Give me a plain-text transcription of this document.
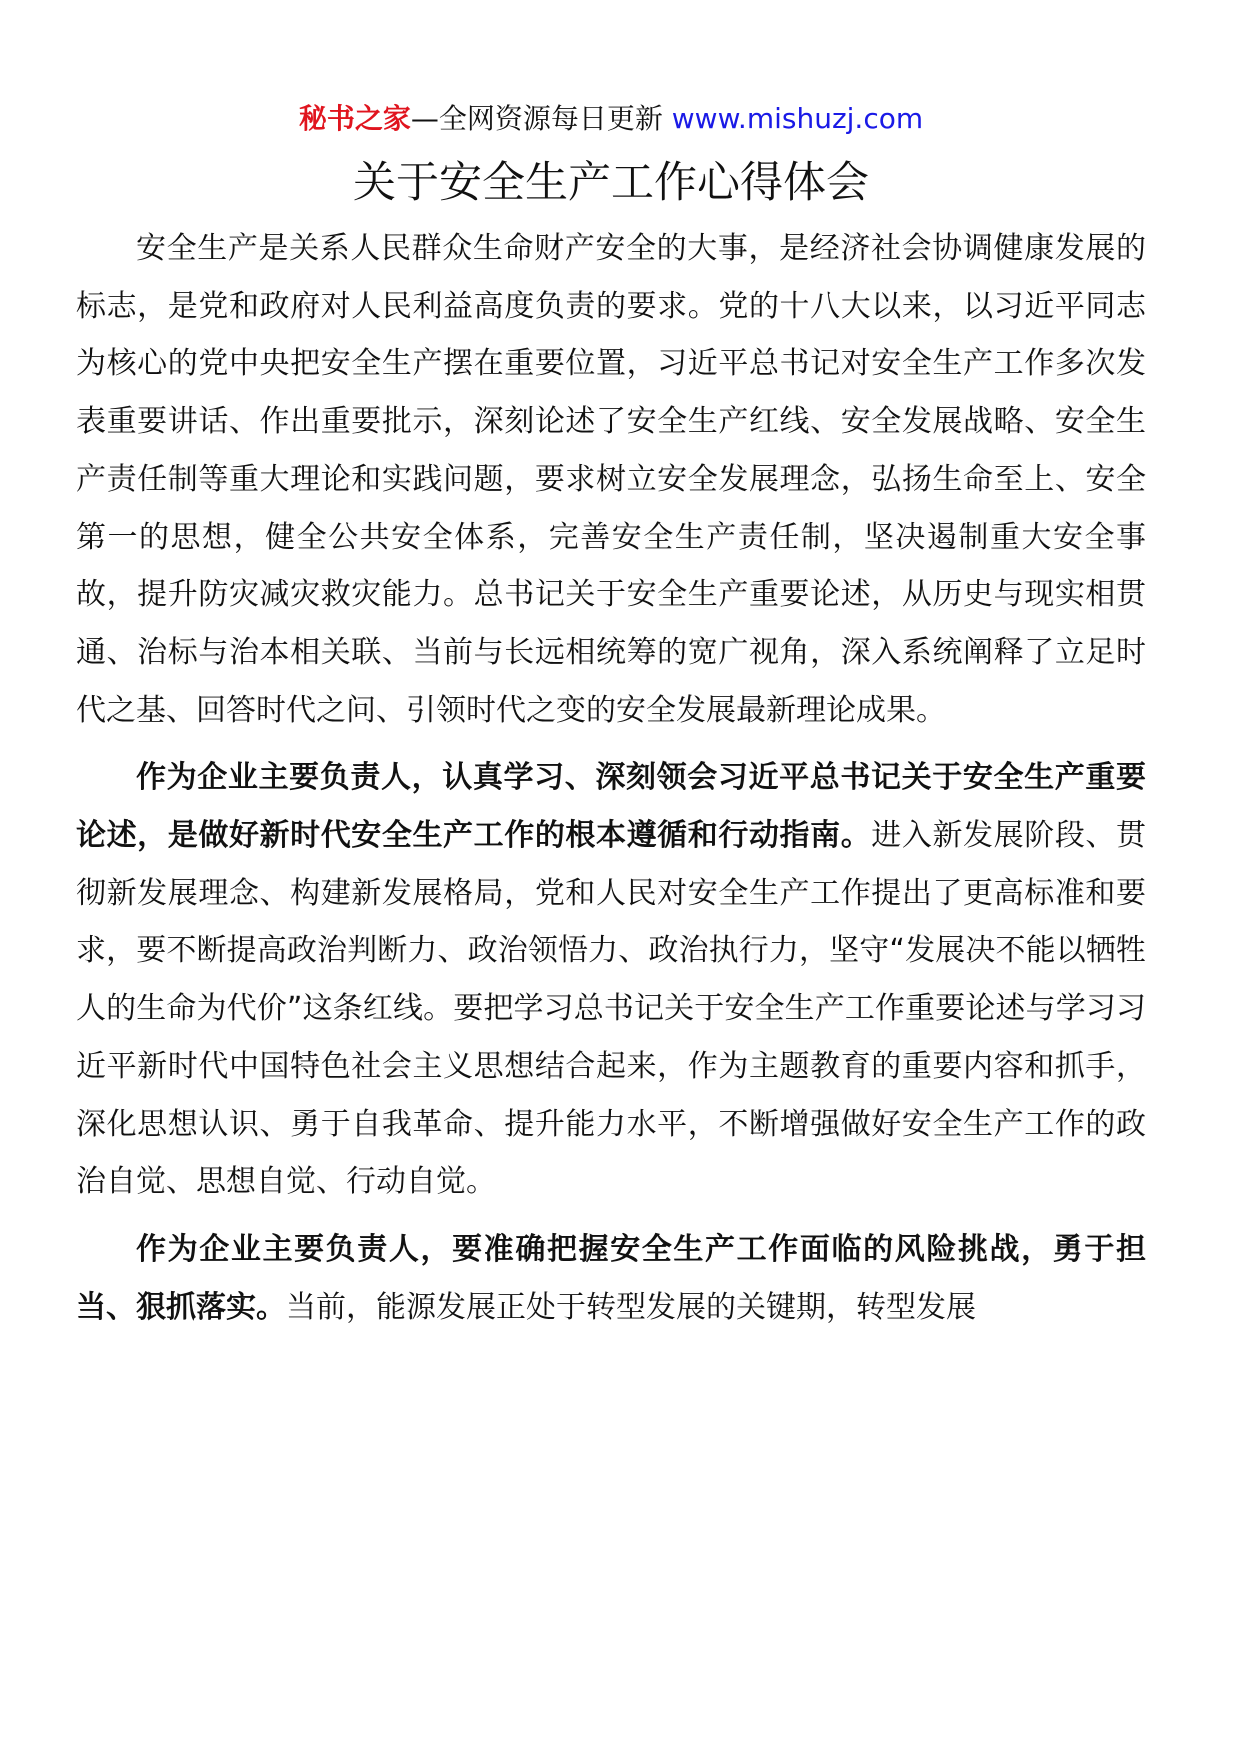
秘书之家—全网资源每日更新 www.mishuzj.com
关于安全生产工作心得体会

安全生产是关系人民群众生命财产安全的大事，是经济社会协调健康发展的标志，是党和政府对人民利益高度负责的要求。党的十八大以来，以习近平同志为核心的党中央把安全生产摆在重要位置，习近平总书记对安全生产工作多次发表重要讲话、作出重要批示，深刻论述了安全生产红线、安全发展战略、安全生产责任制等重大理论和实践问题，要求树立安全发展理念，弘扬生命至上、安全第一的思想，健全公共安全体系，完善安全生产责任制，坚决遏制重大安全事故，提升防灾减灾救灾能力。总书记关于安全生产重要论述，从历史与现实相贯通、治标与治本相关联、当前与长远相统筹的宽广视角，深入系统阐释了立足时代之基、回答时代之问、引领时代之变的安全发展最新理论成果。

作为企业主要负责人，认真学习、深刻领会习近平总书记关于安全生产重要论述，是做好新时代安全生产工作的根本遵循和行动指南。进入新发展阶段、贯彻新发展理念、构建新发展格局，党和人民对安全生产工作提出了更高标准和要求，要不断提高政治判断力、政治领悟力、政治执行力，坚守“发展决不能以牺牲人的生命为代价”这条红线。要把学习总书记关于安全生产工作重要论述与学习习近平新时代中国特色社会主义思想结合起来，作为主题教育的重要内容和抓手，深化思想认识、勇于自我革命、提升能力水平，不断增强做好安全生产工作的政治自觉、思想自觉、行动自觉。

作为企业主要负责人，要准确把握安全生产工作面临的风险挑战，勇于担当、狠抓落实。当前，能源发展正处于转型发展的关键期，转型发展
